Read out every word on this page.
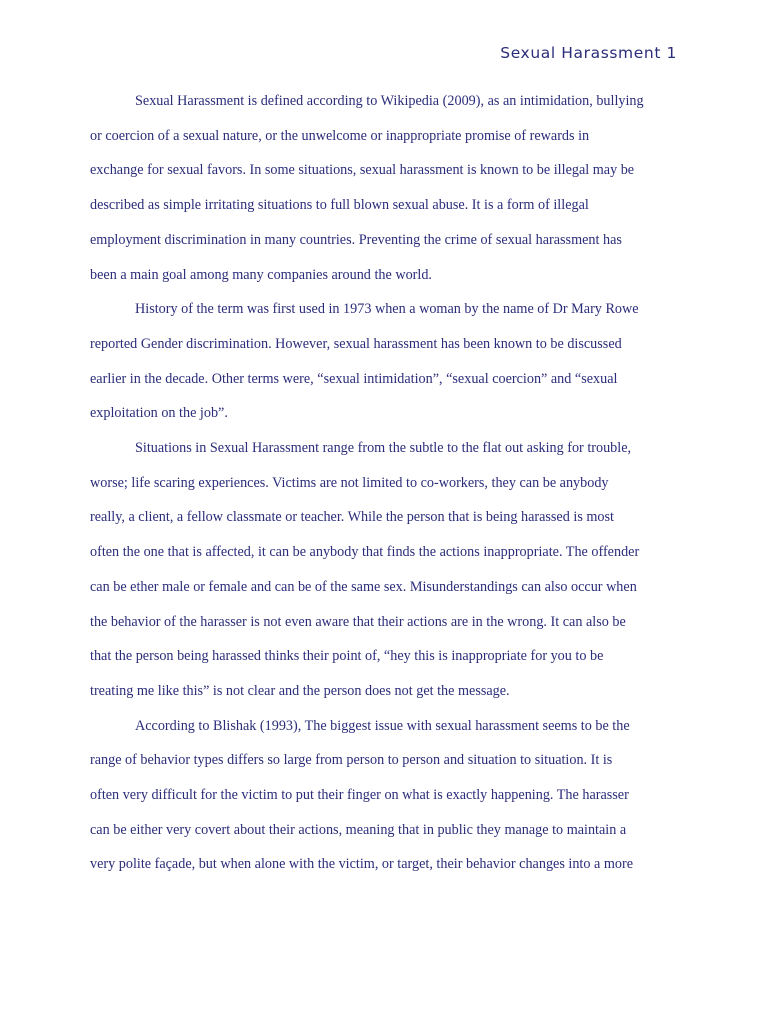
Sexual Harassment 1
Sexual Harassment is defined according to Wikipedia (2009), as an intimidation, bullying
or coercion of a sexual nature, or the unwelcome or inappropriate promise of rewards in
exchange for sexual favors. In some situations, sexual harassment is known to be illegal may be
described as simple irritating situations to full blown sexual abuse. It is a form of illegal
employment discrimination in many countries. Preventing the crime of sexual harassment has
been a main goal among many companies around the world.
History of the term was first used in 1973 when a woman by the name of Dr Mary Rowe
reported Gender discrimination. However, sexual harassment has been known to be discussed
earlier in the decade. Other terms were, “sexual intimidation”, “sexual coercion” and “sexual
exploitation on the job”.
Situations in Sexual Harassment range from the subtle to the flat out asking for trouble,
worse; life scaring experiences. Victims are not limited to co-workers, they can be anybody
really, a client, a fellow classmate or teacher. While the person that is being harassed is most
often the one that is affected, it can be anybody that finds the actions inappropriate. The offender
can be ether male or female and can be of the same sex. Misunderstandings can also occur when
the behavior of the harasser is not even aware that their actions are in the wrong. It can also be
that the person being harassed thinks their point of, “hey this is inappropriate for you to be
treating me like this” is not clear and the person does not get the message.
According to Blishak (1993), The biggest issue with sexual harassment seems to be the
range of behavior types differs so large from person to person and situation to situation. It is
often very difficult for the victim to put their finger on what is exactly happening. The harasser
can be either very covert about their actions, meaning that in public they manage to maintain a
very polite façade, but when alone with the victim, or target, their behavior changes into a more
